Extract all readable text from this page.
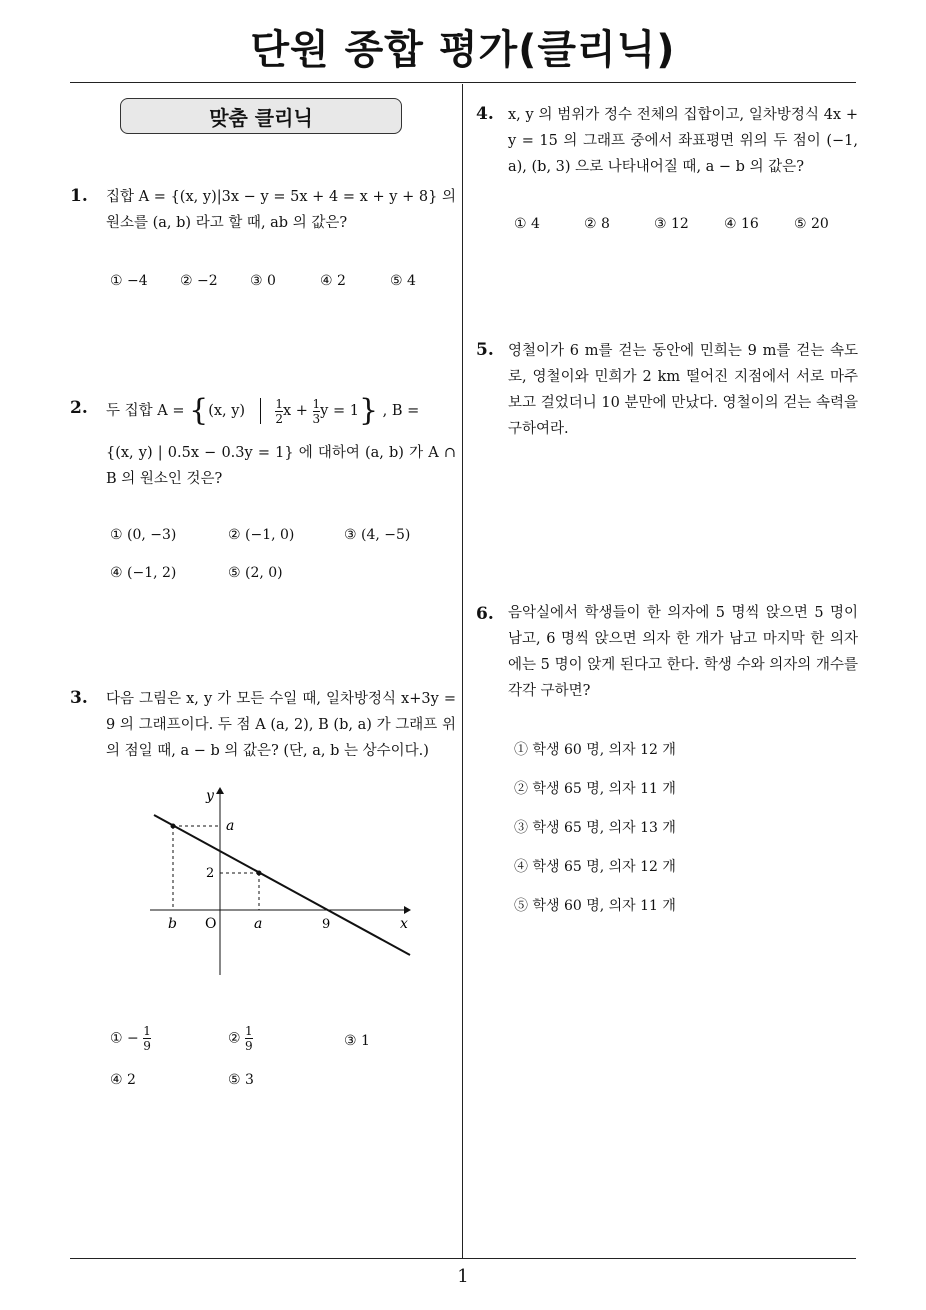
단원 종합 평가(클리닉)
맞춤 클리닉
1. 집합 A = {(x, y)|3x − y = 5x + 4 = x + y + 8} 의 원소를 (a, b) 라고 할 때, ab 의 값은?
① −4 ② −2 ③ 0	④ 2	⑤ 4
2. 두 집합 A = {(x, y)	$\frac{1}{2}$ $x + \frac{1}{3}$ y = 1} , B =
{(x, y) | 0.5x − 0.3y = 1} 에 대하여 (a, b) 가 A ∩ B 의 원소인 것은?
① (0, −3)	② (−1, 0)	③ (4, −5)
④ (−1, 2)	⑤ (2, 0)
3. 다음 그림은 x, y 가 모든 수일 때, 일차방정식 x+3y = 9 의 그래프이다. 두 점 A (a, 2), B (b, a) 가 그래프 위의 점일 때, a − b 의 값은? (단, a, b 는 상수이다.)
y
x
O
a
2
b	a	9
① − $\frac{1}{9}$	② $\frac{1}{9}$	③ 1
④ 2	⑤ 3
4. x, y 의 범위가 정수 전체의 집합이고, 일차방정식 4x + y = 15 의 그래프 중에서 좌표평면 위의 두 점이 (−1, a), (b, 3) 으로 나타내어질 때, a − b 의 값은?
① 4	② 8	③ 12	④ 16	⑤ 20
5. 영철이가 6 m를 걷는 동안에 민희는 9 m를 걷는 속도로, 영철이와 민희가 2 km 떨어진 지점에서 서로 마주 보고 걸었더니 10 분만에 만났다. 영철이의 걷는 속력을 구하여라.
6. 음악실에서 학생들이 한 의자에 5 명씩 앉으면 5 명이 남고, 6 명씩 앉으면 의자 한 개가 남고 마지막 한 의자에는 5 명이 앉게 된다고 한다. 학생 수와 의자의 개수를 각각 구하면?
① 학생 60 명, 의자 12 개
② 학생 65 명, 의자 11 개
③ 학생 65 명, 의자 13 개
④ 학생 65 명, 의자 12 개
⑤ 학생 60 명, 의자 11 개
1
